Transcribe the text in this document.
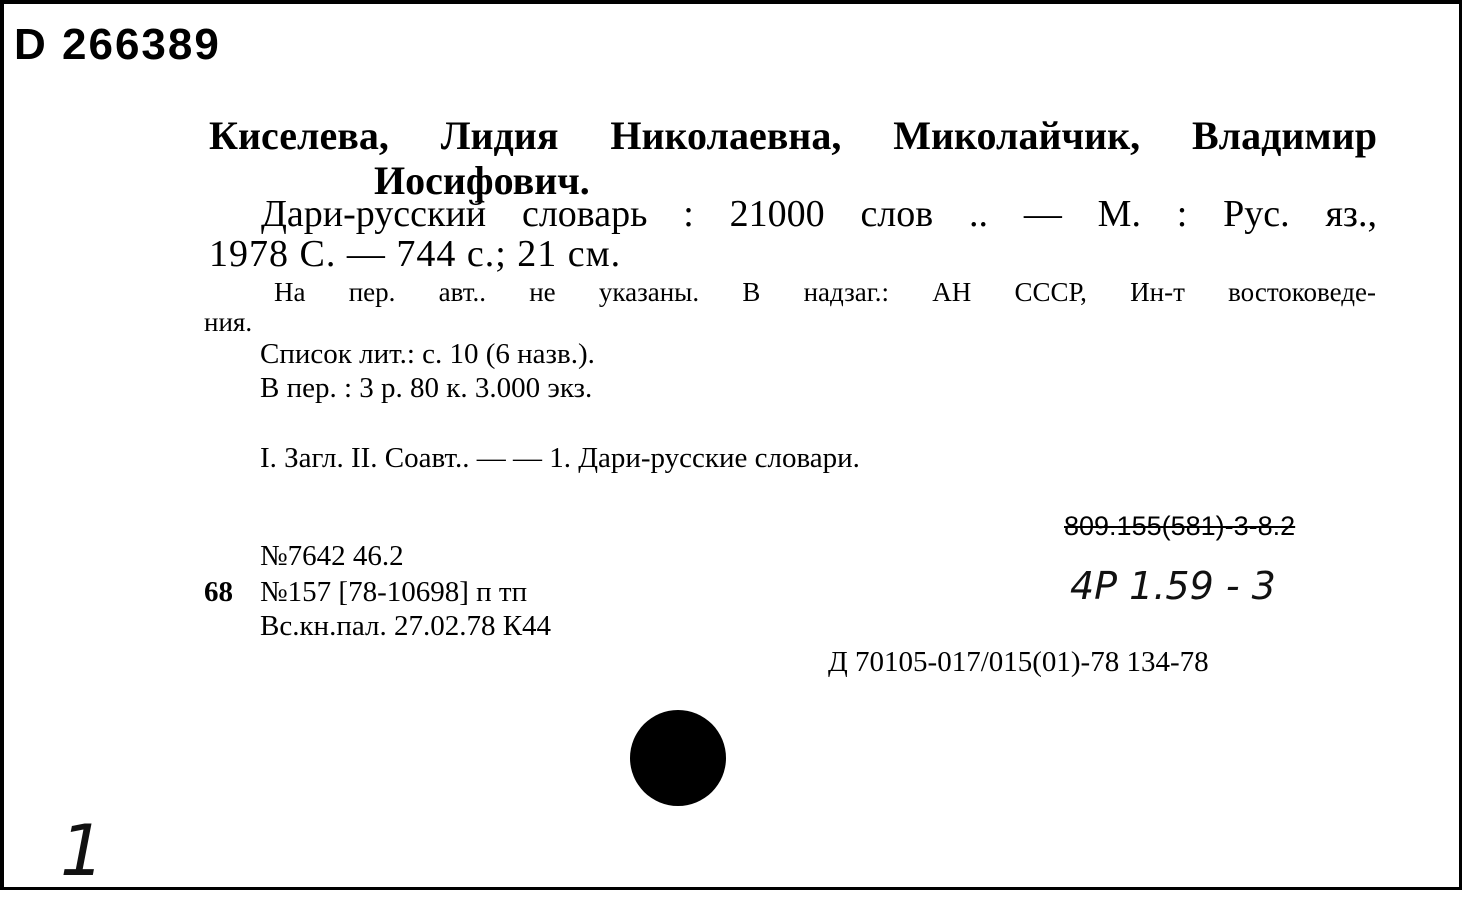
D 266389
Киселева, Лидия Николаевна, Миколайчик, Владимир
Иосифович.
Дари-русский словарь : 21000 слов .. — М. : Рус. яз.,
1978 С. — 744 с.; 21 см.
На пер. авт.. не указаны. В надзаг.: АН СССР, Ин-т востоковеде-
ния.
Список лит.: с. 10 (6 назв.).
В пер. : 3 р. 80 к. 3.000 экз.
I. Загл. II. Соавт.. — — 1. Дари-русские словари.
809.155(581)-3-8.2
4Р 1.59 - 3
№7642 46.2
68 №157 [78-10698] п тп
Вс.кн.пал. 27.02.78 К44
Д 70105-017/015(01)-78 134-78
1
